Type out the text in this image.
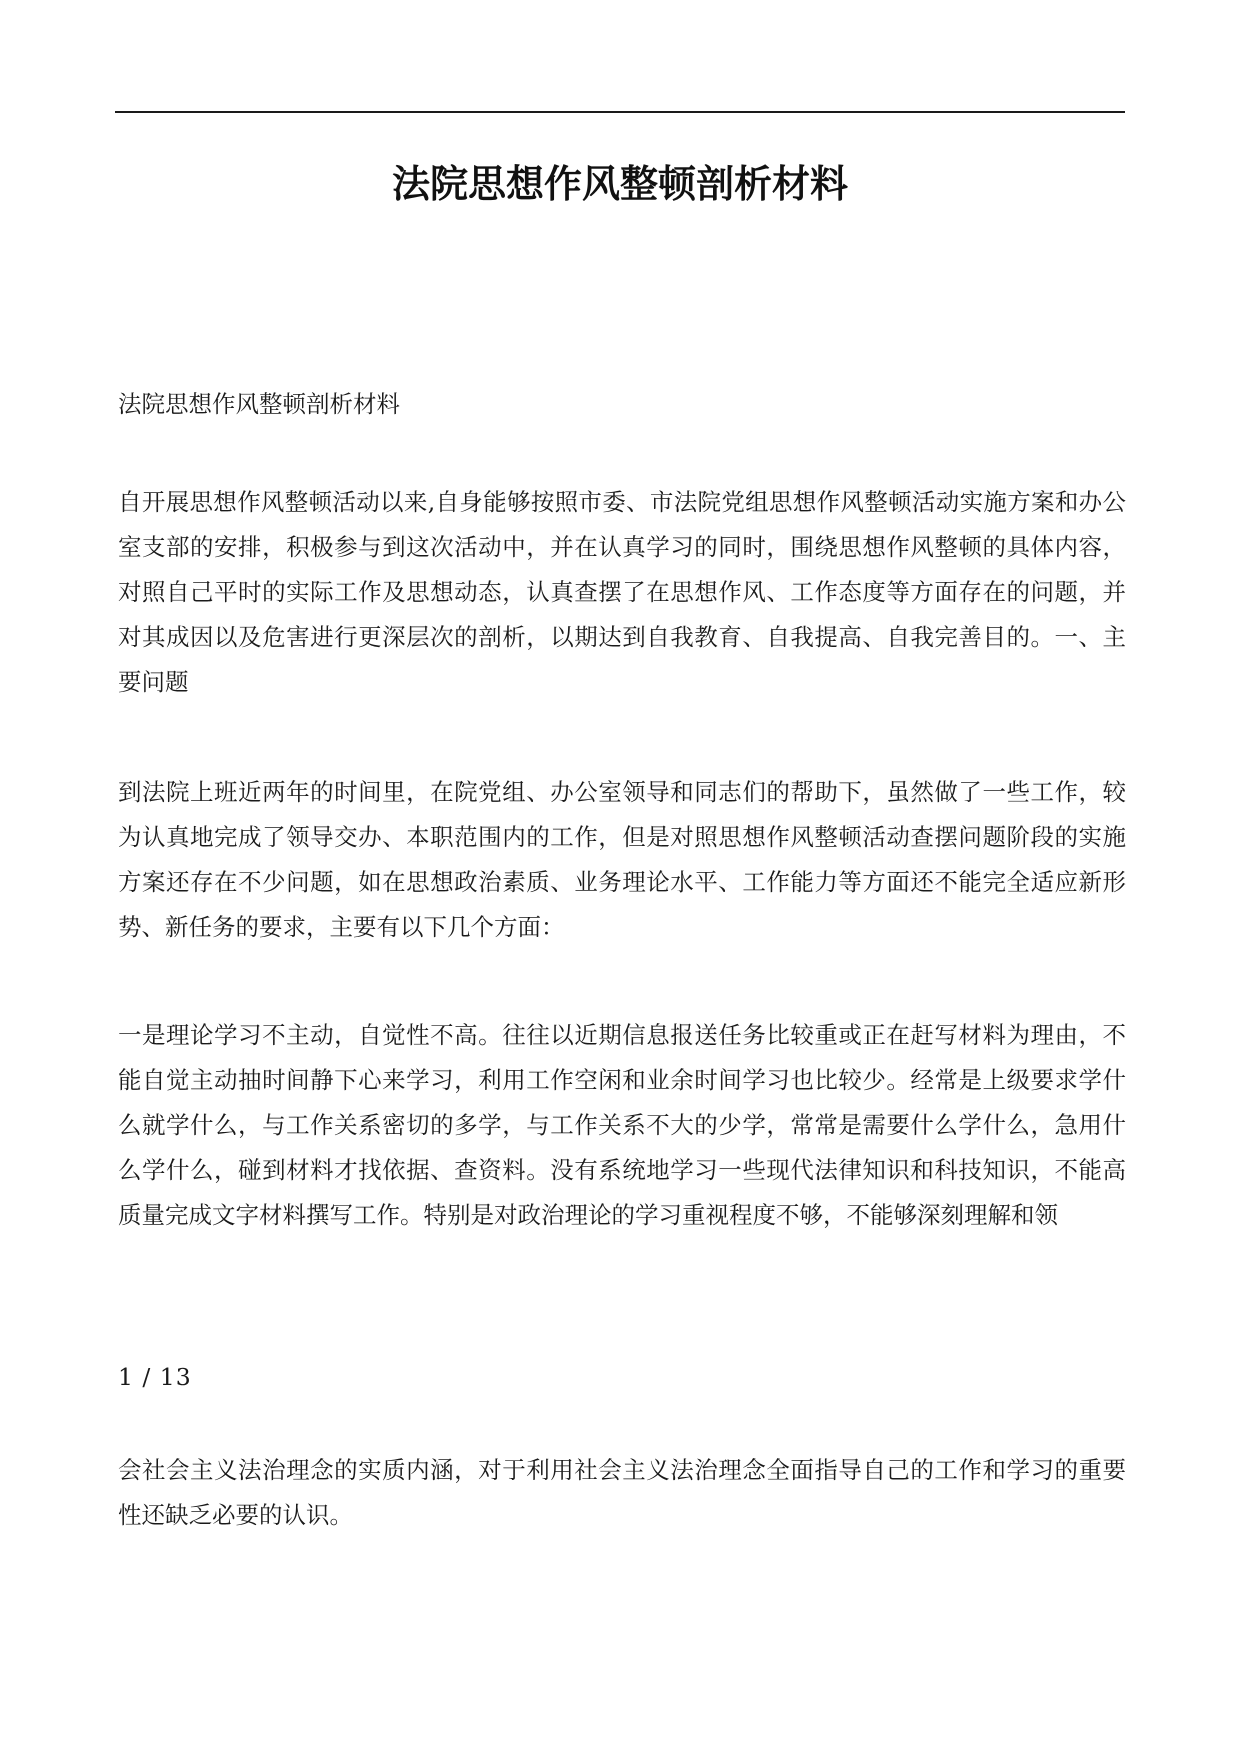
法院思想作风整顿剖析材料

法院思想作风整顿剖析材料

自开展思想作风整顿活动以来,自身能够按照市委、市法院党组思想作风整顿活动实施方案和办公室支部的安排，积极参与到这次活动中，并在认真学习的同时，围绕思想作风整顿的具体内容，对照自己平时的实际工作及思想动态，认真查摆了在思想作风、工作态度等方面存在的问题，并对其成因以及危害进行更深层次的剖析，以期达到自我教育、自我提高、自我完善目的。一、主要问题

到法院上班近两年的时间里，在院党组、办公室领导和同志们的帮助下，虽然做了一些工作，较为认真地完成了领导交办、本职范围内的工作，但是对照思想作风整顿活动查摆问题阶段的实施方案还存在不少问题，如在思想政治素质、业务理论水平、工作能力等方面还不能完全适应新形势、新任务的要求，主要有以下几个方面：

一是理论学习不主动，自觉性不高。往往以近期信息报送任务比较重或正在赶写材料为理由，不能自觉主动抽时间静下心来学习，利用工作空闲和业余时间学习也比较少。经常是上级要求学什么就学什么，与工作关系密切的多学，与工作关系不大的少学，常常是需要什么学什么，急用什么学什么，碰到材料才找依据、查资料。没有系统地学习一些现代法律知识和科技知识，不能高质量完成文字材料撰写工作。特别是对政治理论的学习重视程度不够，不能够深刻理解和领

1 / 13

会社会主义法治理念的实质内涵，对于利用社会主义法治理念全面指导自己的工作和学习的重要性还缺乏必要的认识。
